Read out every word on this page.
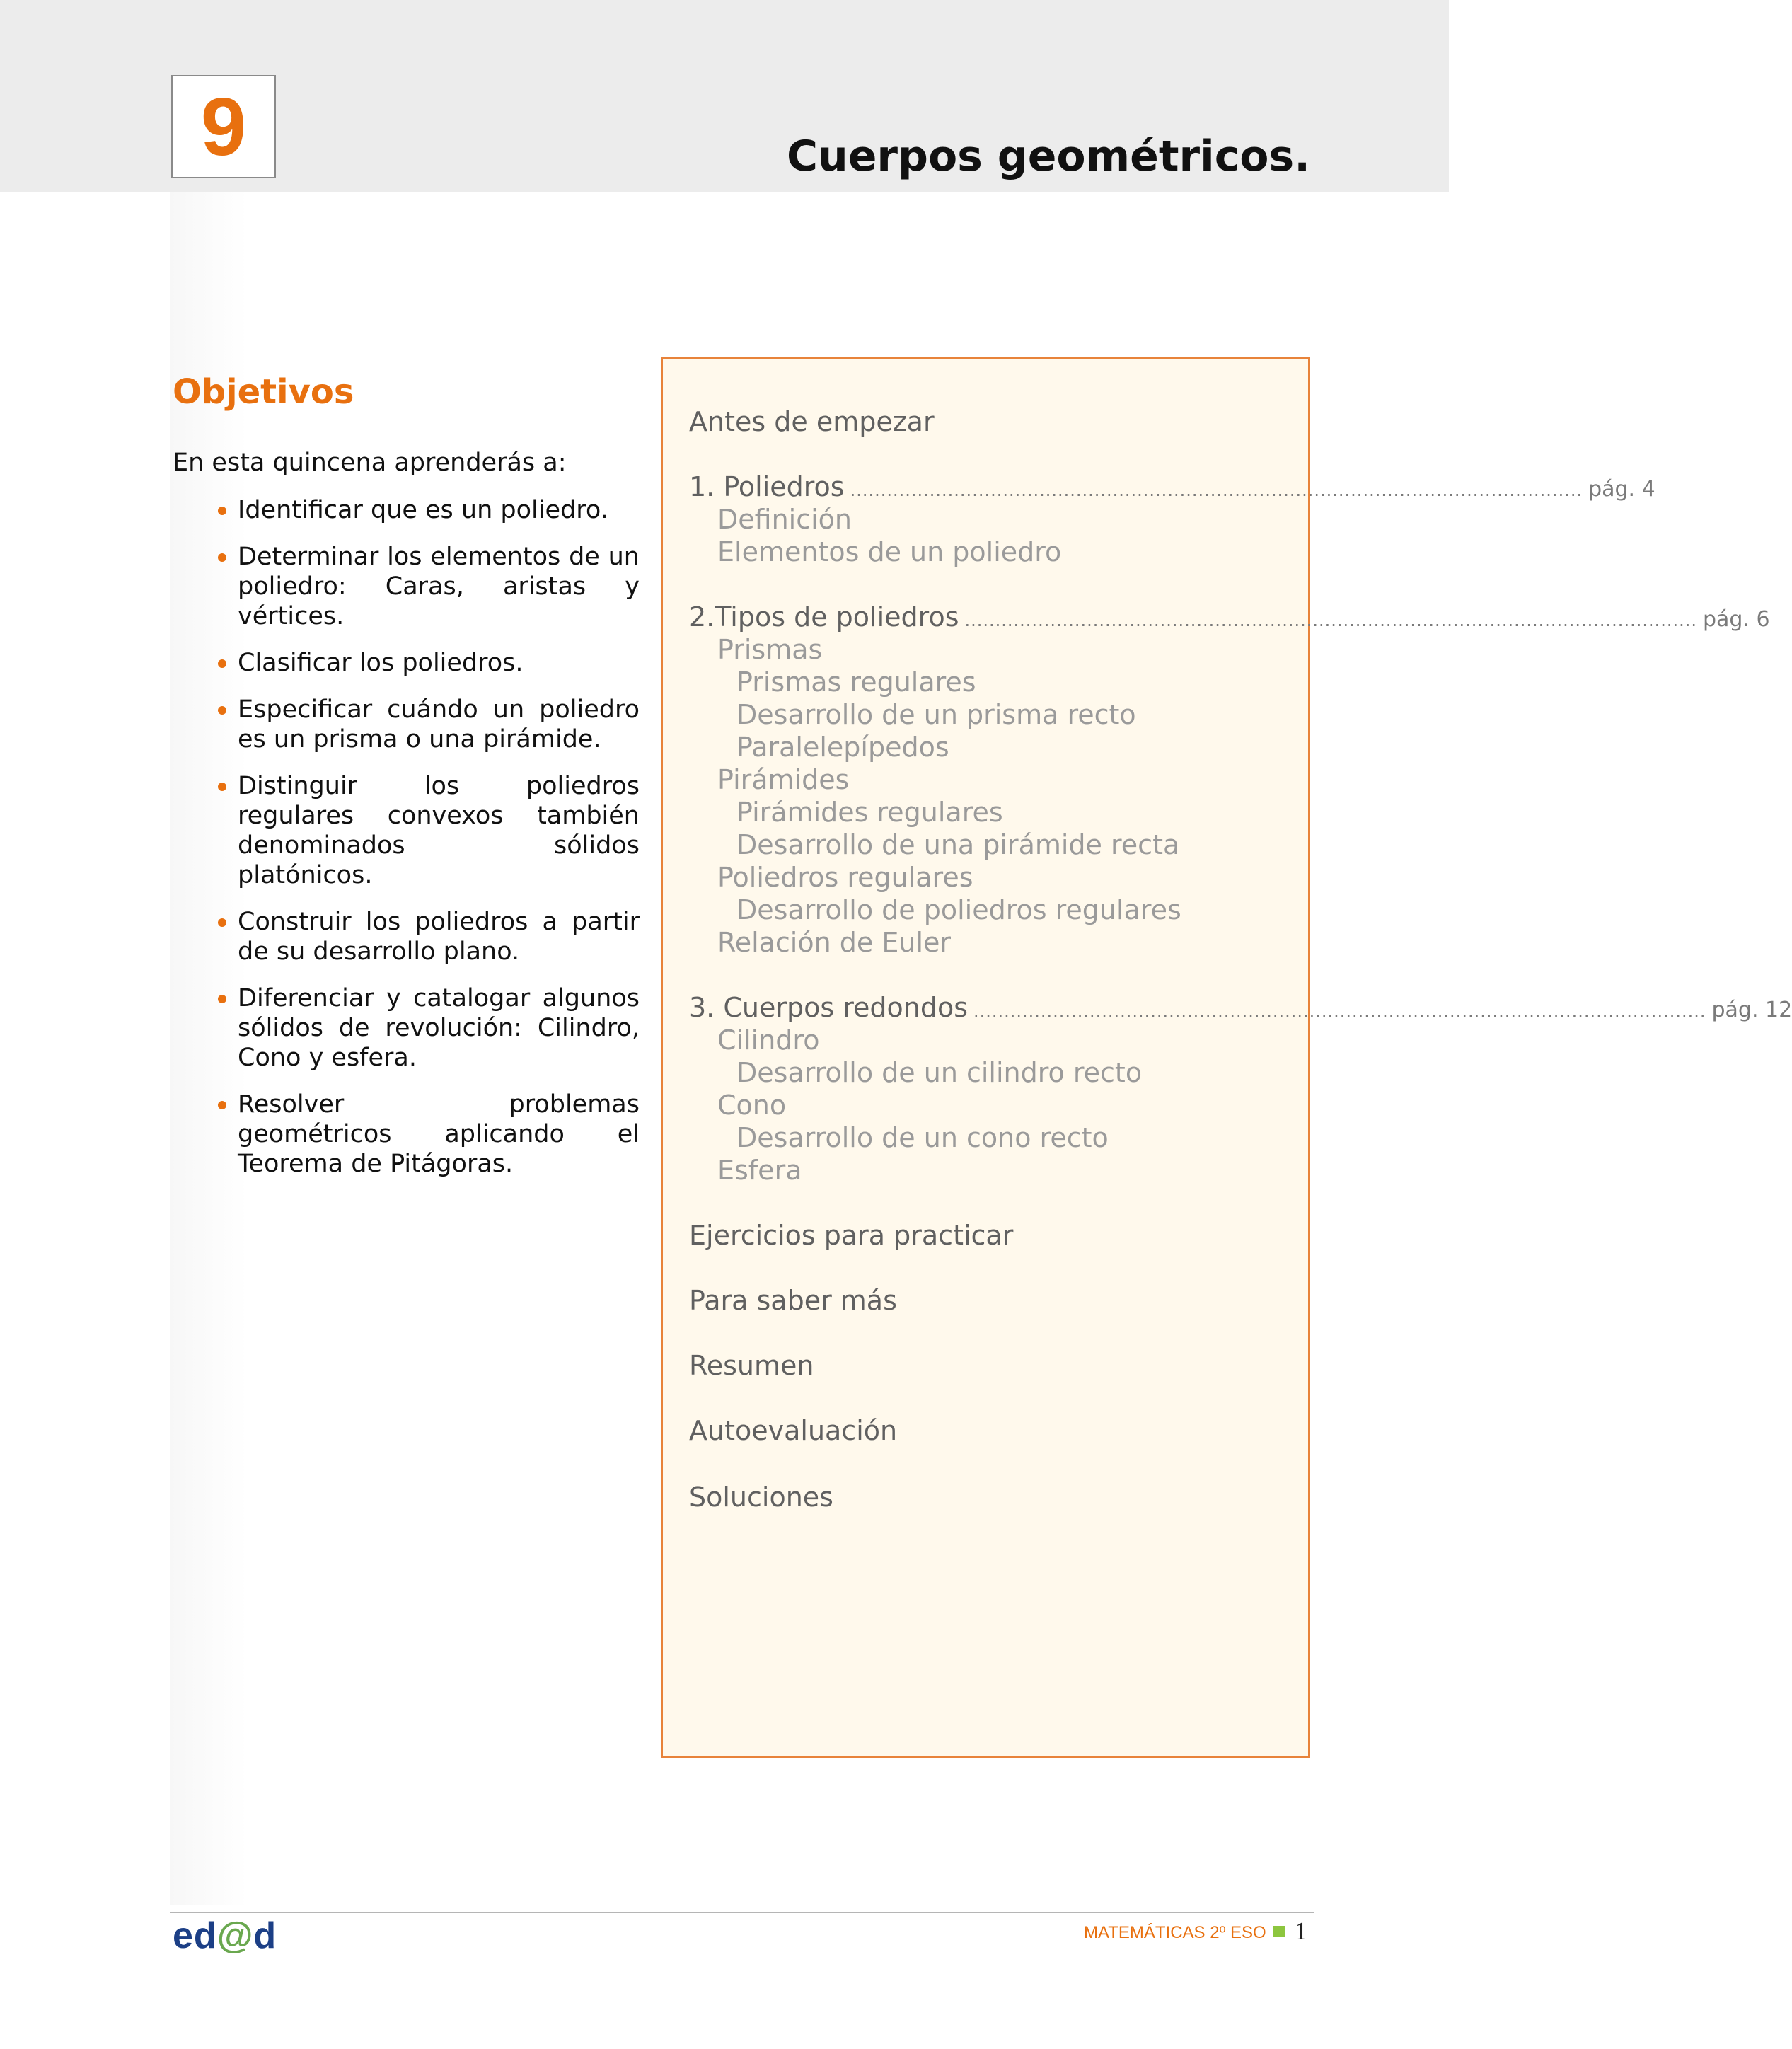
9	Cuerpos geométricos.
Objetivos
En esta quincena aprenderás a:
Identificar que es un poliedro.
Determinar los elementos de un poliedro: Caras, aristas y vértices.
Clasificar los poliedros.
Especificar cuándo un poliedro es un prisma o una pirámide.
Distinguir los poliedros regulares convexos también denominados sólidos platónicos.
Construir los poliedros a partir de su desarrollo plano.
Diferenciar y catalogar algunos sólidos de revolución: Cilindro, Cono y esfera.
Resolver problemas geométricos aplicando el Teorema de Pitágoras.
Antes de empezar
1. Poliedros ........................................................................................................................ pág. 4
Definición
Elementos de un poliedro
2.Tipos de poliedros ........................................................................................................................ pág. 6
Prismas
Prismas regulares
Desarrollo de un prisma recto
Paralelepípedos
Pirámides
Pirámides regulares
Desarrollo de una pirámide recta
Poliedros regulares
Desarrollo de poliedros regulares
Relación de Euler
3. Cuerpos redondos ........................................................................................................................ pág. 12
Cilindro
Desarrollo de un cilindro recto
Cono
Desarrollo de un cono recto
Esfera
Ejercicios para practicar
Para saber más
Resumen
Autoevaluación
Soluciones
ed@d	MATEMÁTICAS 2º ESO 1
